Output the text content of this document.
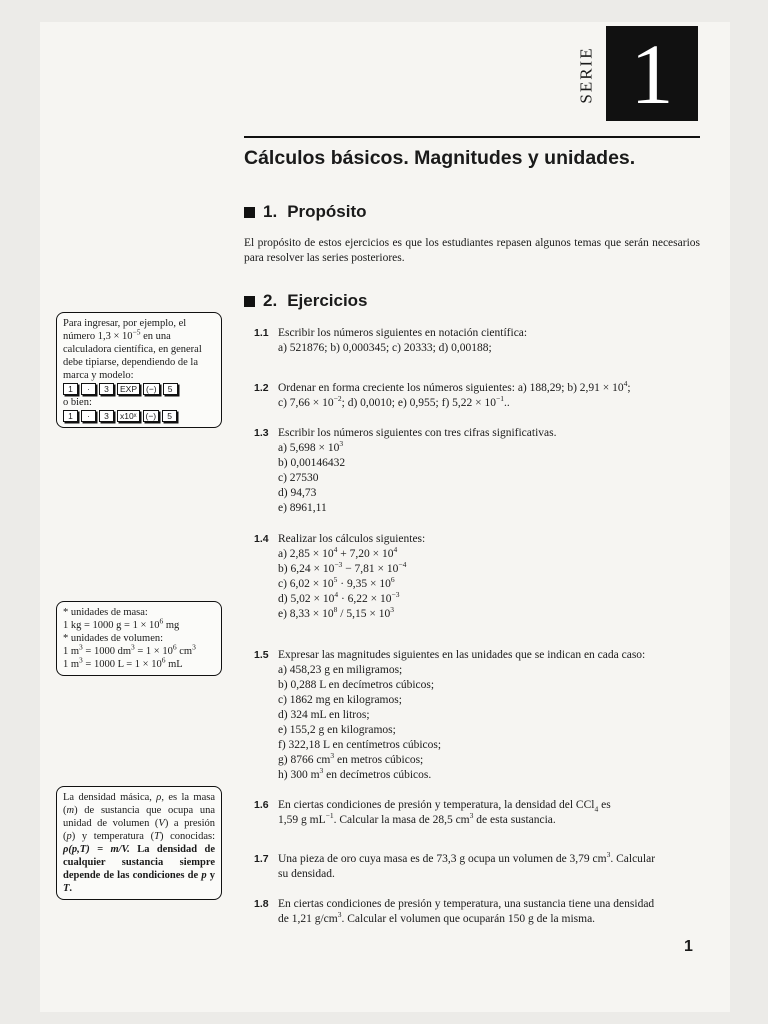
SERIE 1
Cálculos básicos. Magnitudes y unidades.
1. Propósito

El propósito de estos ejercicios es que los estudiantes repasen algunos temas que serán necesarios para resolver las series posteriores.

2. Ejercicios
1.1 Escribir los números siguientes en notación científica:
a) 521876; b) 0,000345; c) 20333; d) 0,00188;
1.2 Ordenar en forma creciente los números siguientes: a) 188,29; b) $2,91 \times 10^4$;
c) $7,66 \times 10^{-2}$; d) 0,0010; e) 0,955; f) $5,22 \times 10^{-1}$..
1.3 Escribir los números siguientes con tres cifras significativas.
a) $5,698 \times 10^3$
b) 0,00146432
c) 27530
d) 94,73
e) 8961,11
1.4 Realizar los cálculos siguientes:
a) $2,85 \times 10^4 + 7,20 \times 10^4$
b) $6,24 \times 10^{-3} - 7,81 \times 10^{-4}$
c) $6,02 \times 10^5 \cdot 9,35 \times 10^6$
d) $5,02 \times 10^4 \cdot 6,22 \times 10^{-3}$
e) $8,33 \times 10^8 / 5,15 \times 10^3$
1.5 Expresar las magnitudes siguientes en las unidades que se indican en cada caso:
a) 458,23 g en miligramos;
b) 0,288 L en decímetros cúbicos;
c) 1862 mg en kilogramos;
d) 324 mL en litros;
e) 155,2 g en kilogramos;
f) 322,18 L en centímetros cúbicos;
g) 8766 $cm^3$ en metros cúbicos;
h) 300 $m^3$ en decímetros cúbicos.
1.6 En ciertas condiciones de presión y temperatura, la densidad del CCl$_4$ es
1,59 g $mL^{-1}$. Calcular la masa de 28,5 $cm^3$ de esta sustancia.
1.7 Una pieza de oro cuya masa es de 73,3 g ocupa un volumen de 3,79 $cm^3$. Calcular
su densidad.
1.8 En ciertas condiciones de presión y temperatura, una sustancia tiene una densidad
de 1,21 $g/cm^3$. Calcular el volumen que ocuparán 150 g de la misma.
Para ingresar, por ejemplo, el número $1,3 \times 10^{-5}$ en una calculadora científica, en general debe tipiarse, dependiendo de la marca y modelo:
1	·	3	EXP	(−)	5
o bien:
1	·	3	x10ˣ	(−)	5
* unidades de masa:
1 kg = 1000 $g = 1 \times 10^6$ mg
* unidades de volumen:
1 $m^3 = 1000$ $dm^3 = 1 \times 10^6$ $cm^3$
1 $m^3 = 1000$ $L = 1 \times 10^6$ mL
La densidad másica, ρ, es la masa (m) de sustancia que ocupa una unidad de volumen (V) a presión (p) y temperatura (T) conocidas: ρ(p,T) = m/V. La densidad de cualquier sustancia siempre depende de las condiciones de p y T.
1
